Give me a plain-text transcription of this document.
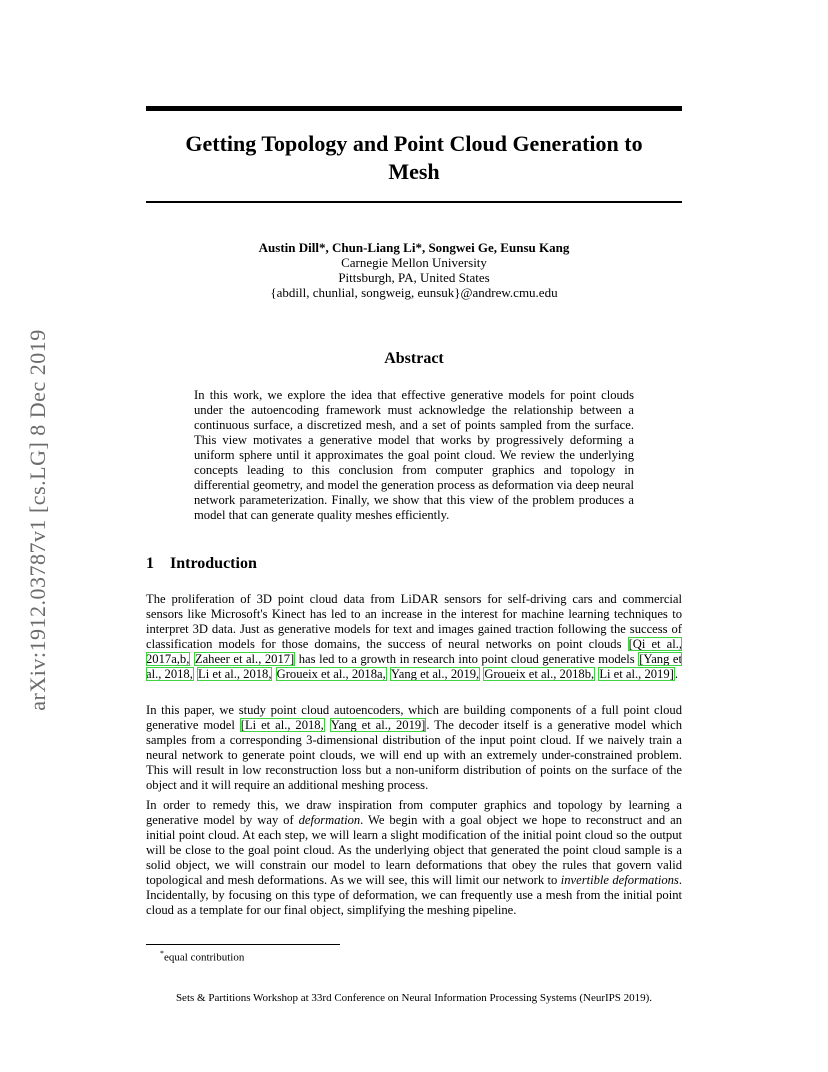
arXiv:1912.03787v1 [cs.LG] 8 Dec 2019
Getting Topology and Point Cloud Generation to
Mesh
Austin Dill*, Chun-Liang Li*, Songwei Ge, Eunsu Kang
Carnegie Mellon University
Pittsburgh, PA, United States
{abdill, chunlial, songweig, eunsuk}@andrew.cmu.edu
Abstract
In this work, we explore the idea that effective generative models for point clouds under the autoencoding framework must acknowledge the relationship between a continuous surface, a discretized mesh, and a set of points sampled from the surface. This view motivates a generative model that works by progressively deforming a uniform sphere until it approximates the goal point cloud. We review the underlying concepts leading to this conclusion from computer graphics and topology in differential geometry, and model the generation process as deformation via deep neural network parameterization. Finally, we show that this view of the problem produces a model that can generate quality meshes efficiently.
1 Introduction
The proliferation of 3D point cloud data from LiDAR sensors for self-driving cars and commercial sensors like Microsoft's Kinect has led to an increase in the interest for machine learning techniques to interpret 3D data. Just as generative models for text and images gained traction following the success of classification models for those domains, the success of neural networks on point clouds [Qi et al., 2017a,b, Zaheer et al., 2017] has led to a growth in research into point cloud generative models [Yang et al., 2018, Li et al., 2018, Groueix et al., 2018a, Yang et al., 2019, Groueix et al., 2018b, Li et al., 2019].
In this paper, we study point cloud autoencoders, which are building components of a full point cloud generative model [Li et al., 2018, Yang et al., 2019]. The decoder itself is a generative model which samples from a corresponding 3-dimensional distribution of the input point cloud. If we naively train a neural network to generate point clouds, we will end up with an extremely under-constrained problem. This will result in low reconstruction loss but a non-uniform distribution of points on the surface of the object and it will require an additional meshing process.
In order to remedy this, we draw inspiration from computer graphics and topology by learning a generative model by way of deformation. We begin with a goal object we hope to reconstruct and an initial point cloud. At each step, we will learn a slight modification of the initial point cloud so the output will be close to the goal point cloud. As the underlying object that generated the point cloud sample is a solid object, we will constrain our model to learn deformations that obey the rules that govern valid topological and mesh deformations. As we will see, this will limit our network to invertible deformations. Incidentally, by focusing on this type of deformation, we can frequently use a mesh from the initial point cloud as a template for our final object, simplifying the meshing pipeline.
*equal contribution
Sets & Partitions Workshop at 33rd Conference on Neural Information Processing Systems (NeurIPS 2019).
